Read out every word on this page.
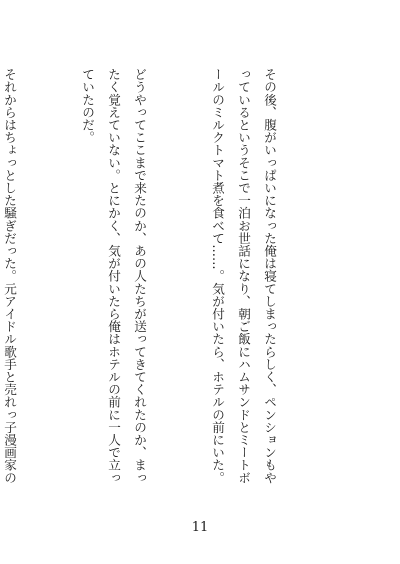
その後、腹がいっぱいになった俺は寝てしまったらしく、ペンションもやっているというそこで一泊お世話になり、朝ご飯にハムサンドとミートボールのミルクトマト煮を食べて……。気が付いたら、ホテルの前にいた。

どうやってここまで来たのか、あの人たちが送ってきてくれたのか、まったく覚えていない。とにかく、気が付いたら俺はホテルの前に一人で立っていたのだ。

それからはちょっとした騒ぎだった。元アイドル歌手と売れっ子漫画家の

11
